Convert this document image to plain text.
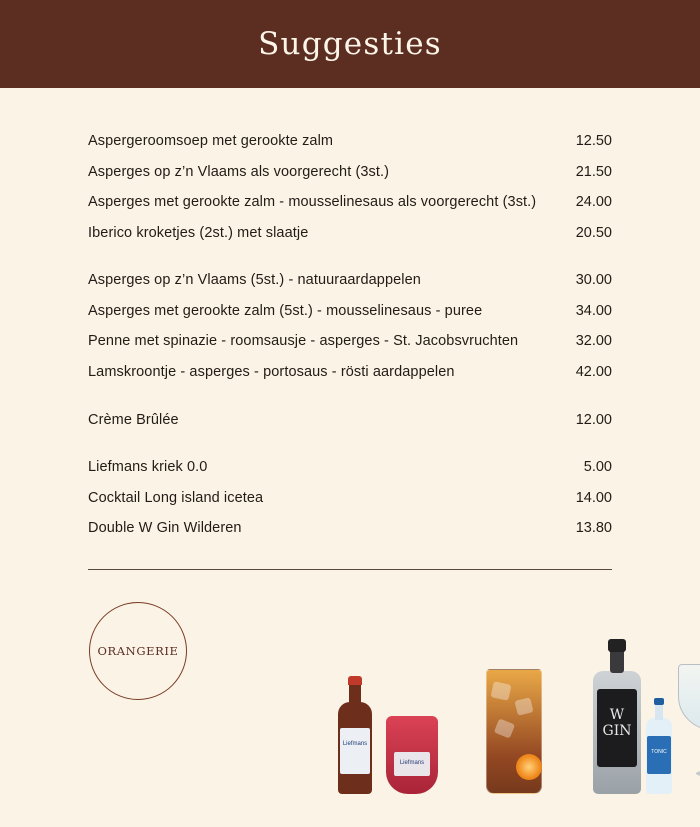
Suggesties
Aspergeroomsoep met gerookte zalm	12.50
Asperges op z’n Vlaams als voorgerecht (3st.)	21.50
Asperges met gerookte zalm - mousselinesaus als voorgerecht (3st.)	24.00
Iberico kroketjes (2st.) met slaatje	20.50
Asperges op z’n Vlaams (5st.) - natuuraardappelen	30.00
Asperges met gerookte zalm (5st.) - mousselinesaus - puree	34.00
Penne met spinazie - roomsausje - asperges - St. Jacobsvruchten	32.00
Lamskroontje - asperges - portosaus - rösti aardappelen	42.00
Crème Brûlée	12.00
Liefmans kriek 0.0	5.00
Cocktail Long island icetea	14.00
Double W Gin Wilderen	13.80
ORANGERIE
Liefmans
Liefmans
W GIN
TONIC
